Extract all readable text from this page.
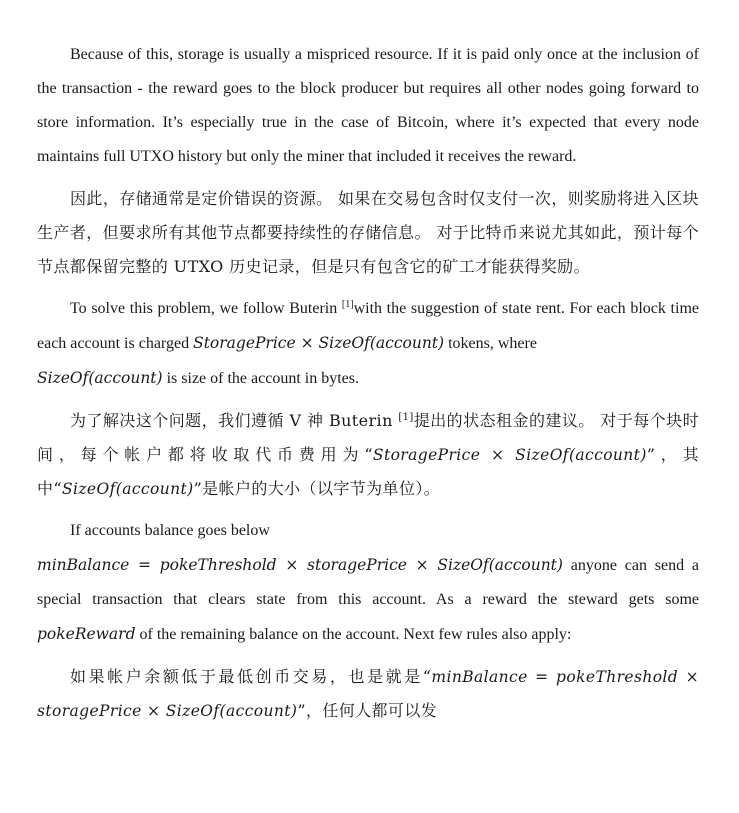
Because of this, storage is usually a mispriced resource. If it is paid only once at the inclusion of the transaction - the reward goes to the block producer but requires all other nodes going forward to store information. It’s especially true in the case of Bitcoin, where it’s expected that every node maintains full UTXO history but only the miner that included it receives the reward.

因此，存储通常是定价错误的资源。 如果在交易包含时仅支付一次，则奖励将进入区块生产者，但要求所有其他节点都要持续性的存储信息。 对于比特币来说尤其如此，预计每个节点都保留完整的 UTXO 历史记录，但是只有包含它的矿工才能获得奖励。

To solve this problem, we follow Buterin [1]with the suggestion of state rent. For each block time each account is charged StoragePrice × SizeOf(account) tokens, where
SizeOf(account) is size of the account in bytes.

为了解决这个问题，我们遵循 V 神 Buterin [1]提出的状态租金的建议。 对于每个块时间，每个帐户都将收取代币费用为“StoragePrice × SizeOf(account)”，其中“SizeOf(account)”是帐户的大小（以字节为单位）。

If accounts balance goes below
minBalance = pokeThreshold × storagePrice × SizeOf(account) anyone can send a special transaction that clears state from this account. As a reward the steward gets some pokeReward of the remaining balance on the account. Next few rules also apply:

如果帐户余额低于最低创币交易，也是就是“minBalance = pokeThreshold × storagePrice × SizeOf(account)”，任何人都可以发
